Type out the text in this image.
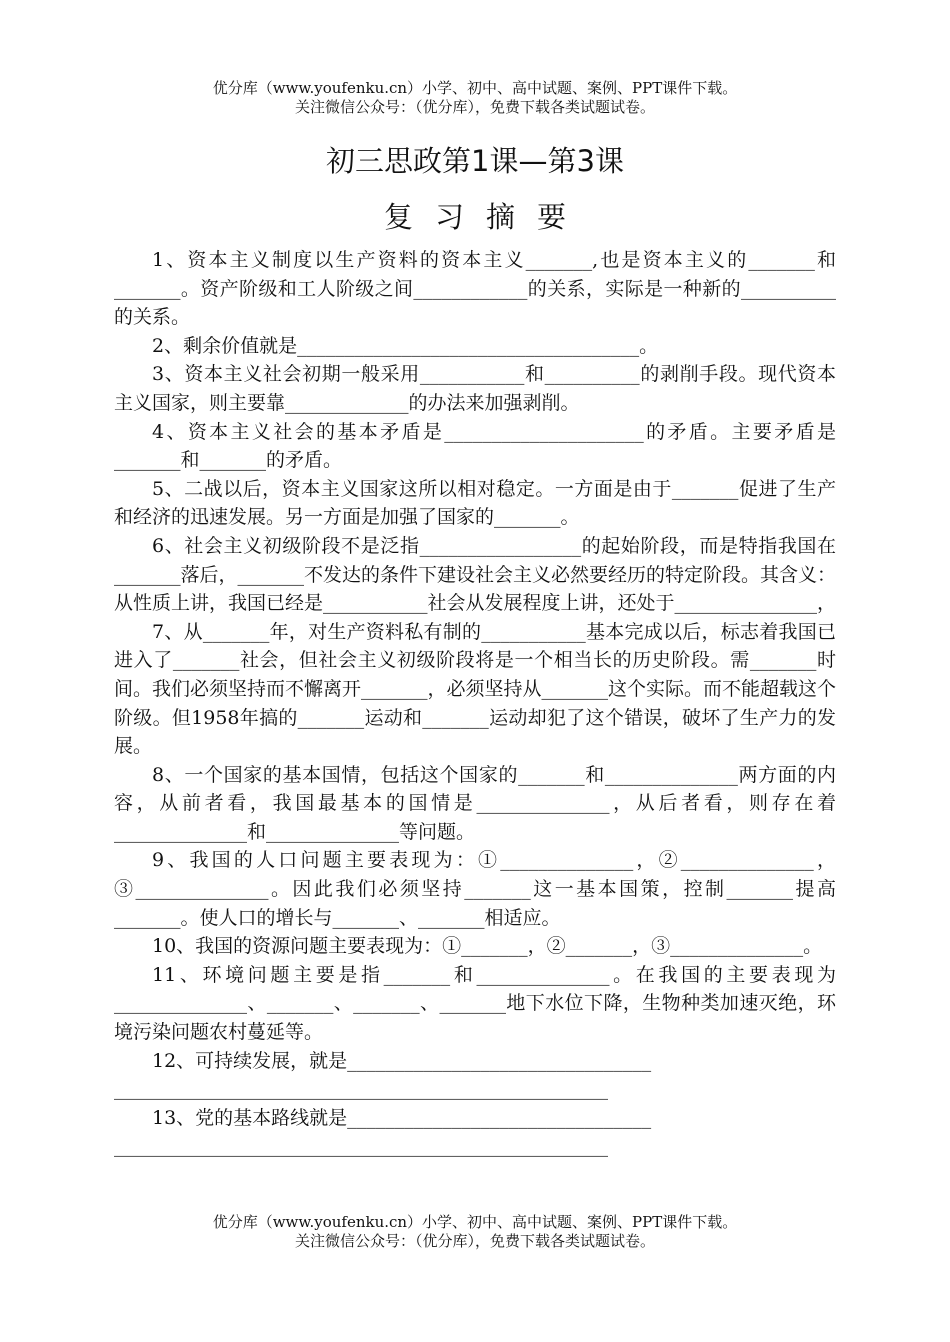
优分库（www.youfenku.cn）小学、初中、高中试题、案例、PPT课件下载。
关注微信公众号：（优分库），免费下载各类试题试卷。
初三思政第1课—第3课
复习摘要

1、资本主义制度以生产资料的资本主义_______,也是资本主义的_______和_______。资产阶级和工人阶级之间____________的关系，实际是一种新的__________的关系。

2、剩余价值就是____________________________________。

3、资本主义社会初期一般采用___________和__________的剥削手段。现代资本主义国家，则主要靠_____________的办法来加强剥削。

4、资本主义社会的基本矛盾是_____________________的矛盾。主要矛盾是_______和_______的矛盾。

5、二战以后，资本主义国家这所以相对稳定。一方面是由于_______促进了生产和经济的迅速发展。另一方面是加强了国家的_______。

6、社会主义初级阶段不是泛指_________________的起始阶段，而是特指我国在_______落后，_______不发达的条件下建设社会主义必然要经历的特定阶段。其含义：从性质上讲，我国已经是___________社会从发展程度上讲，还处于_______________，

7、从_______年，对生产资料私有制的___________基本完成以后，标志着我国已进入了_______社会，但社会主义初级阶段将是一个相当长的历史阶段。需_______时间。我们必须坚持而不懈离开_______，必须坚持从_______这个实际。而不能超载这个阶级。但1958年搞的_______运动和_______运动却犯了这个错误，破坏了生产力的发展。

8、一个国家的基本国情，包括这个国家的_______和______________两方面的内容，从前者看，我国最基本的国情是______________，从后者看，则存在着______________和______________等问题。

9、我国的人口问题主要表现为：①______________，②______________，③______________。因此我们必须坚持_______这一基本国策，控制_______提高_______。使人口的增长与_______、_______相适应。

10、我国的资源问题主要表现为：①_______，②_______，③______________。

11、环境问题主要是指_______和______________。在我国的主要表现为______________、_______、_______、_______地下水位下降，生物种类加速灭绝，环境污染问题农村蔓延等。

12、可持续发展，就是________________________________

____________________________________________________

13、党的基本路线就是________________________________

____________________________________________________

优分库（www.youfenku.cn）小学、初中、高中试题、案例、PPT课件下载。
关注微信公众号：（优分库），免费下载各类试题试卷。
